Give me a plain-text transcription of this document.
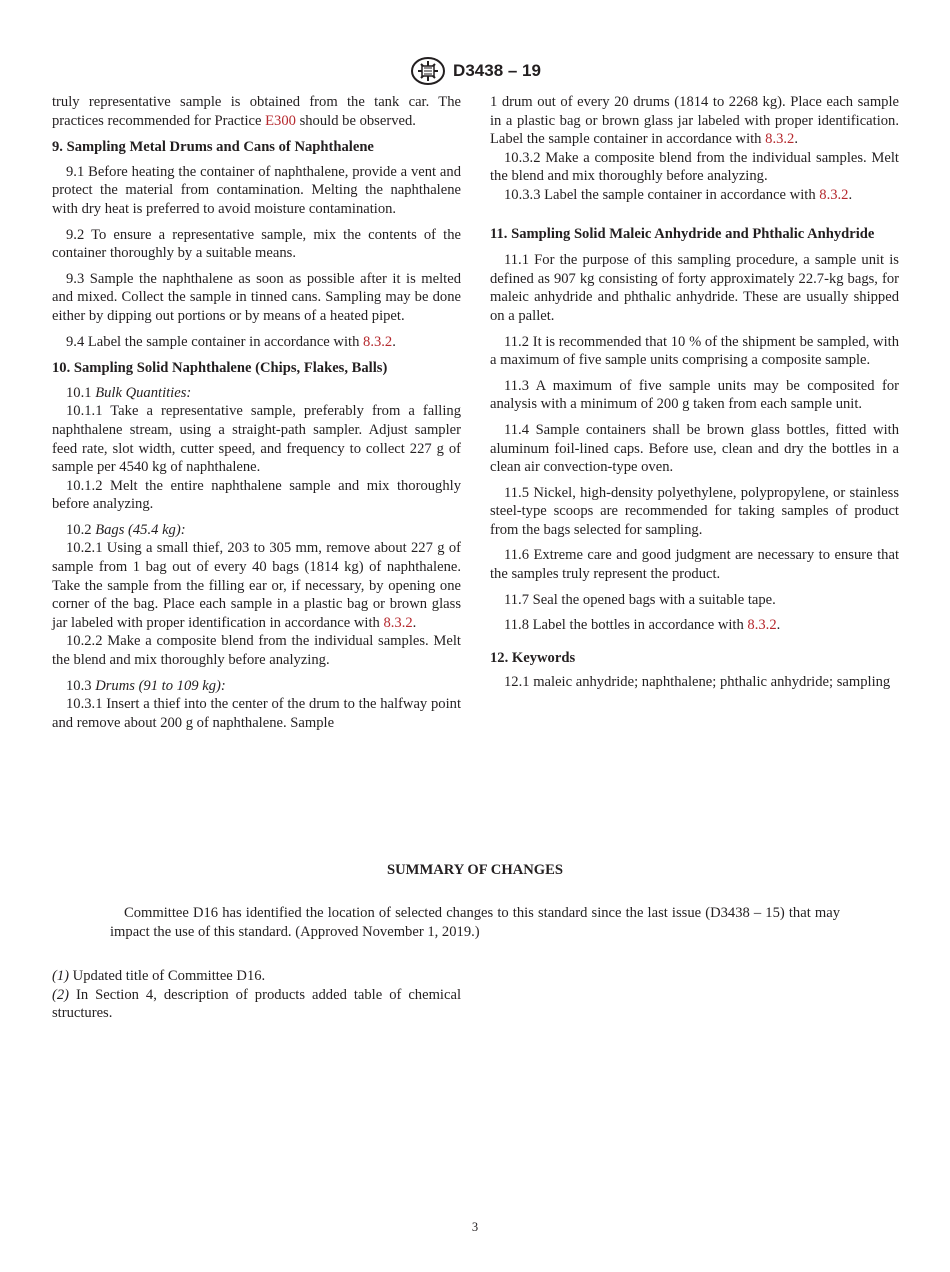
D3438 – 19

truly representative sample is obtained from the tank car. The practices recommended for Practice E300 should be observed.

9. Sampling Metal Drums and Cans of Naphthalene

9.1 Before heating the container of naphthalene, provide a vent and protect the material from contamination. Melting the naphthalene with dry heat is preferred to avoid moisture contamination.

9.2 To ensure a representative sample, mix the contents of the container thoroughly by a suitable means.

9.3 Sample the naphthalene as soon as possible after it is melted and mixed. Collect the sample in tinned cans. Sampling may be done either by dipping out portions or by means of a heated pipet.

9.4 Label the sample container in accordance with 8.3.2.

10. Sampling Solid Naphthalene (Chips, Flakes, Balls)

10.1 Bulk Quantities:

10.1.1 Take a representative sample, preferably from a falling naphthalene stream, using a straight-path sampler. Adjust sampler feed rate, slot width, cutter speed, and frequency to collect 227 g of sample per 4540 kg of naphthalene.

10.1.2 Melt the entire naphthalene sample and mix thoroughly before analyzing.

10.2 Bags (45.4 kg):

10.2.1 Using a small thief, 203 to 305 mm, remove about 227 g of sample from 1 bag out of every 40 bags (1814 kg) of naphthalene. Take the sample from the filling ear or, if necessary, by opening one corner of the bag. Place each sample in a plastic bag or brown glass jar labeled with proper identification in accordance with 8.3.2.

10.2.2 Make a composite blend from the individual samples. Melt the blend and mix thoroughly before analyzing.

10.3 Drums (91 to 109 kg):

10.3.1 Insert a thief into the center of the drum to the halfway point and remove about 200 g of naphthalene. Sample

1 drum out of every 20 drums (1814 to 2268 kg). Place each sample in a plastic bag or brown glass jar labeled with proper identification. Label the sample container in accordance with 8.3.2.

10.3.2 Make a composite blend from the individual samples. Melt the blend and mix thoroughly before analyzing.

10.3.3 Label the sample container in accordance with 8.3.2.

11. Sampling Solid Maleic Anhydride and Phthalic Anhydride

11.1 For the purpose of this sampling procedure, a sample unit is defined as 907 kg consisting of forty approximately 22.7-kg bags, for maleic anhydride and phthalic anhydride. These are usually shipped on a pallet.

11.2 It is recommended that 10 % of the shipment be sampled, with a maximum of five sample units comprising a composite sample.

11.3 A maximum of five sample units may be composited for analysis with a minimum of 200 g taken from each sample unit.

11.4 Sample containers shall be brown glass bottles, fitted with aluminum foil-lined caps. Before use, clean and dry the bottles in a clean air convection-type oven.

11.5 Nickel, high-density polyethylene, polypropylene, or stainless steel-type scoops are recommended for taking samples of product from the bags selected for sampling.

11.6 Extreme care and good judgment are necessary to ensure that the samples truly represent the product.

11.7 Seal the opened bags with a suitable tape.

11.8 Label the bottles in accordance with 8.3.2.

12. Keywords

12.1 maleic anhydride; naphthalene; phthalic anhydride; sampling

SUMMARY OF CHANGES
Committee D16 has identified the location of selected changes to this standard since the last issue (D3438 – 15) that may impact the use of this standard. (Approved November 1, 2019.)
(1) Updated title of Committee D16.
(2) In Section 4, description of products added table of chemical structures.
3
